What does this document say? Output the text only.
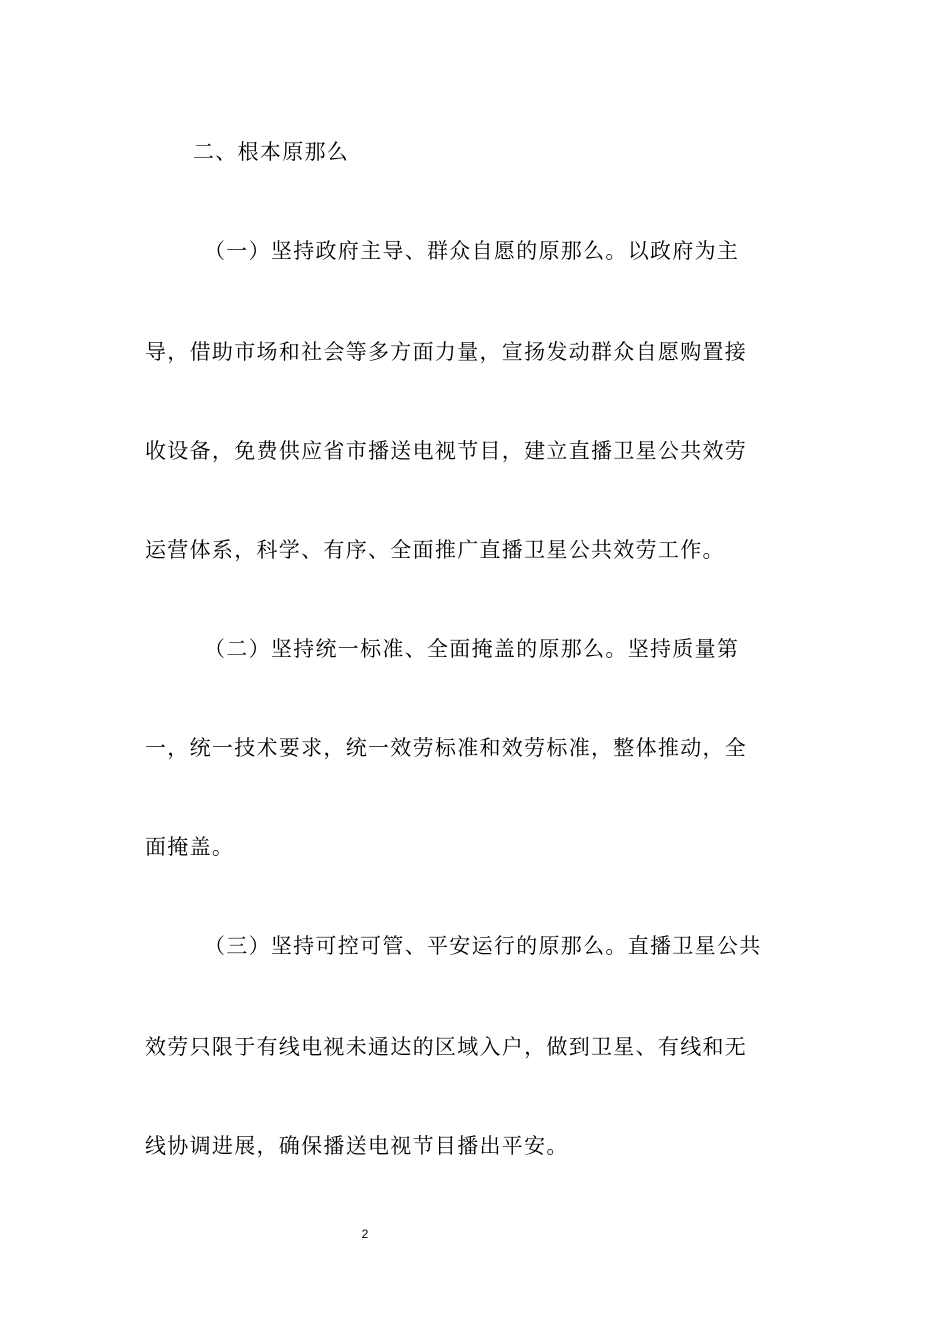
二、根本原那么
（一）坚持政府主导、群众自愿的原那么。以政府为主
导，借助市场和社会等多方面力量，宣扬发动群众自愿购置接
收设备，免费供应省市播送电视节目，建立直播卫星公共效劳
运营体系，科学、有序、全面推广直播卫星公共效劳工作。
（二）坚持统一标准、全面掩盖的原那么。坚持质量第
一，统一技术要求，统一效劳标准和效劳标准，整体推动，全
面掩盖。
（三）坚持可控可管、平安运行的原那么。直播卫星公共
效劳只限于有线电视未通达的区域入户，做到卫星、有线和无
线协调进展，确保播送电视节目播出平安。
2
